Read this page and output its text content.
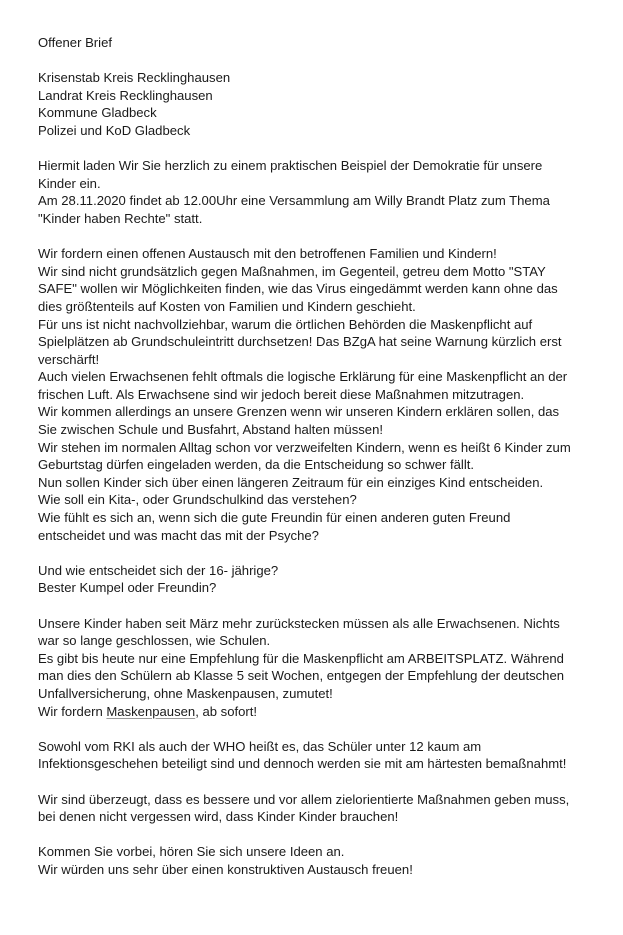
Offener Brief

Krisenstab Kreis Recklinghausen
Landrat Kreis Recklinghausen
Kommune Gladbeck
Polizei und KoD Gladbeck

Hiermit laden Wir Sie herzlich zu einem praktischen Beispiel der Demokratie für unsere
Kinder ein.
Am 28.11.2020 findet ab 12.00Uhr eine Versammlung am Willy Brandt Platz zum Thema
"Kinder haben Rechte" statt.

Wir fordern einen offenen Austausch mit den betroffenen Familien und Kindern!
Wir sind nicht grundsätzlich gegen Maßnahmen, im Gegenteil, getreu dem Motto "STAY
SAFE" wollen wir Möglichkeiten finden, wie das Virus eingedämmt werden kann ohne das
dies größtenteils auf Kosten von Familien und Kindern geschieht.
Für uns ist nicht nachvollziehbar, warum die örtlichen Behörden die Maskenpflicht auf
Spielplätzen ab Grundschuleintritt durchsetzen! Das BZgA hat seine Warnung kürzlich erst
verschärft!
Auch vielen Erwachsenen fehlt oftmals die logische Erklärung für eine Maskenpflicht an der
frischen Luft. Als Erwachsene sind wir jedoch bereit diese Maßnahmen mitzutragen.
Wir kommen allerdings an unsere Grenzen wenn wir unseren Kindern erklären sollen, das
Sie zwischen Schule und Busfahrt, Abstand halten müssen!
Wir stehen im normalen Alltag schon vor verzweifelten Kindern, wenn es heißt 6 Kinder zum
Geburtstag dürfen eingeladen werden, da die Entscheidung so schwer fällt.
Nun sollen Kinder sich über einen längeren Zeitraum für ein einziges Kind entscheiden.
Wie soll ein Kita-, oder Grundschulkind das verstehen?
Wie fühlt es sich an, wenn sich die gute Freundin für einen anderen guten Freund
entscheidet und was macht das mit der Psyche?

Und wie entscheidet sich der 16- jährige?
Bester Kumpel oder Freundin?

Unsere Kinder haben seit März mehr zurückstecken müssen als alle Erwachsenen. Nichts
war so lange geschlossen, wie Schulen.
Es gibt bis heute nur eine Empfehlung für die Maskenpflicht am ARBEITSPLATZ. Während
man dies den Schülern ab Klasse 5 seit Wochen, entgegen der Empfehlung der deutschen
Unfallversicherung, ohne Maskenpausen, zumutet!
Wir fordern Maskenpausen, ab sofort!

Sowohl vom RKI als auch der WHO heißt es, das Schüler unter 12 kaum am
Infektionsgeschehen beteiligt sind und dennoch werden sie mit am härtesten bemaßnahmt!

Wir sind überzeugt, dass es bessere und vor allem zielorientierte Maßnahmen geben muss,
bei denen nicht vergessen wird, dass Kinder Kinder brauchen!

Kommen Sie vorbei, hören Sie sich unsere Ideen an.
Wir würden uns sehr über einen konstruktiven Austausch freuen!
